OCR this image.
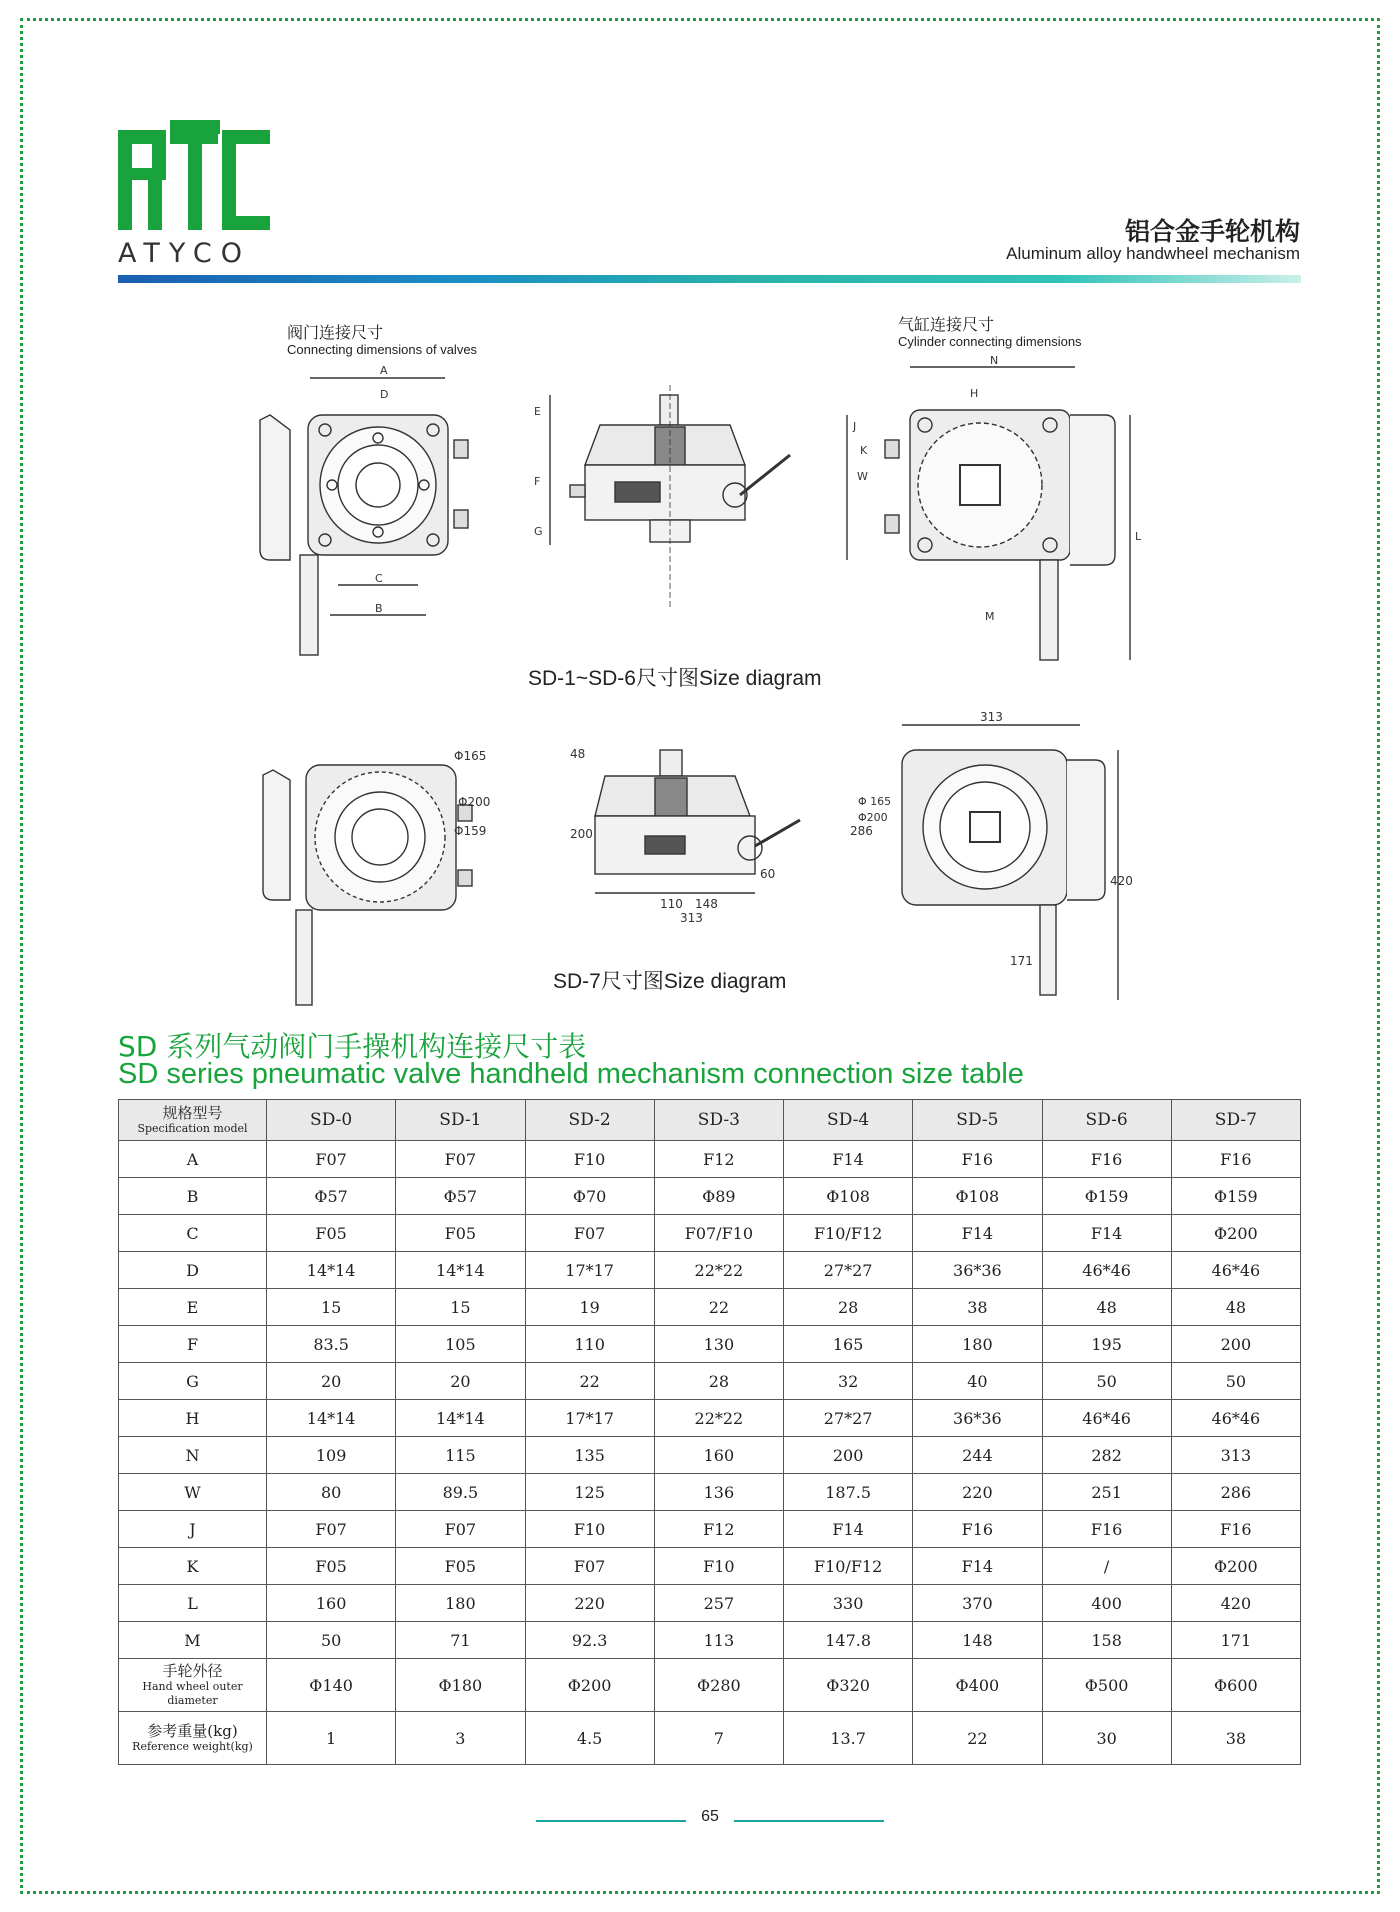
ATYCO
铝合金手轮机构
Aluminum alloy handwheel mechanism
阀门连接尺寸
Connecting dimensions of valves
气缸连接尺寸
Cylinder connecting dimensions
A
D
C
B
E
F
G
N
H
J
W
K
L
M
SD-1~SD-6尺寸图Size diagram
Φ165
Φ200
Φ159
48
200
110 148
313
60
313
286
Φ 165
Φ200
420
171
SD-7尺寸图Size diagram
SD 系列气动阀门手操机构连接尺寸表
SD series pneumatic valve handheld mechanism connection size table
规格型号
Specification model	SD-0	SD-1	SD-2	SD-3	SD-4	SD-5	SD-6	SD-7
A	F07	F07	F10	F12	F14	F16	F16	F16
B	Φ57	Φ57	Φ70	Φ89	Φ108	Φ108	Φ159	Φ159
C	F05	F05	F07	F07/F10	F10/F12	F14	F14	Φ200
D	14*14	14*14	17*17	22*22	27*27	36*36	46*46	46*46
E	15	15	19	22	28	38	48	48
F	83.5	105	110	130	165	180	195	200
G	20	20	22	28	32	40	50	50
H	14*14	14*14	17*17	22*22	27*27	36*36	46*46	46*46
N	109	115	135	160	200	244	282	313
W	80	89.5	125	136	187.5	220	251	286
J	F07	F07	F10	F12	F14	F16	F16	F16
K	F05	F05	F07	F10	F10/F12	F14	/	Φ200
L	160	180	220	257	330	370	400	420
M	50	71	92.3	113	147.8	148	158	171

手轮外径
Hand wheel outer diameter	Φ140	Φ180	Φ200	Φ280	Φ320	Φ400	Φ500	Φ600

参考重量(kg)
Reference weight(kg)	1	3	4.5	7	13.7	22	30	38
65
